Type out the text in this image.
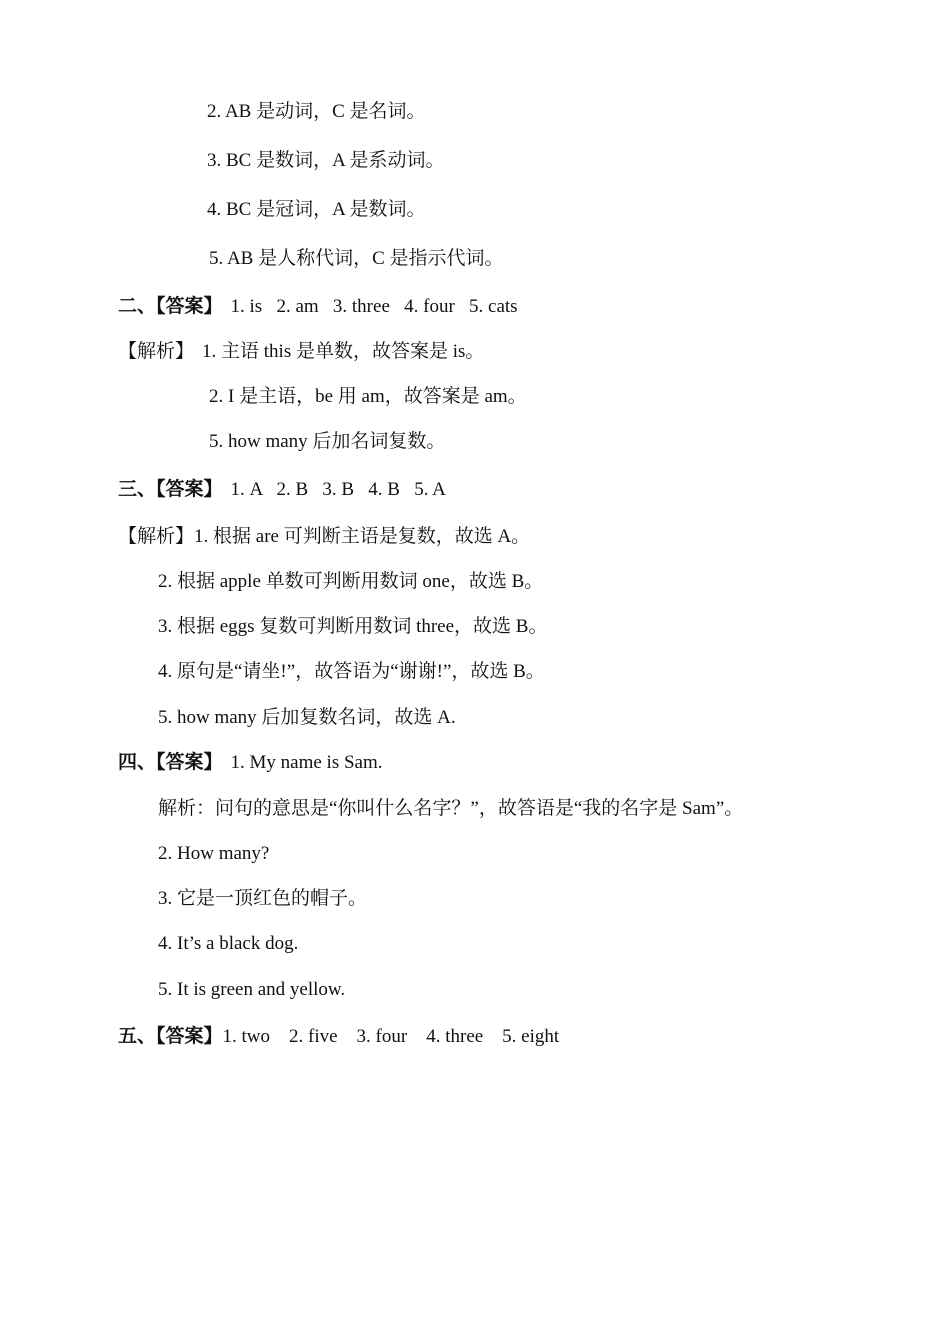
2. AB 是动词，C 是名词。
3. BC 是数词，A 是系动词。
4. BC 是冠词，A 是数词。
5. AB 是人称代词，C 是指示代词。
二、【答案】 1. is   2. am   3. three   4. four   5. cats
【解析】 1. 主语 this 是单数，故答案是 is。
2. I 是主语，be 用 am，故答案是 am。
5. how many 后加名词复数。
三、【答案】 1. A   2. B   3. B   4. B   5. A
【解析】1. 根据 are 可判断主语是复数，故选 A。
2. 根据 apple 单数可判断用数词 one，故选 B。
3. 根据 eggs 复数可判断用数词 three，故选 B。
4. 原句是“请坐!”，故答语为“谢谢!”，故选 B。
5. how many 后加复数名词，故选 A.
四、【答案】 1. My name is Sam.
解析：问句的意思是“你叫什么名字？”，故答语是“我的名字是 Sam”。
2. How many?
3. 它是一顶红色的帽子。
4. It’s a black dog.
5. It is green and yellow.
五、【答案】1. two    2. five    3. four    4. three    5. eight
